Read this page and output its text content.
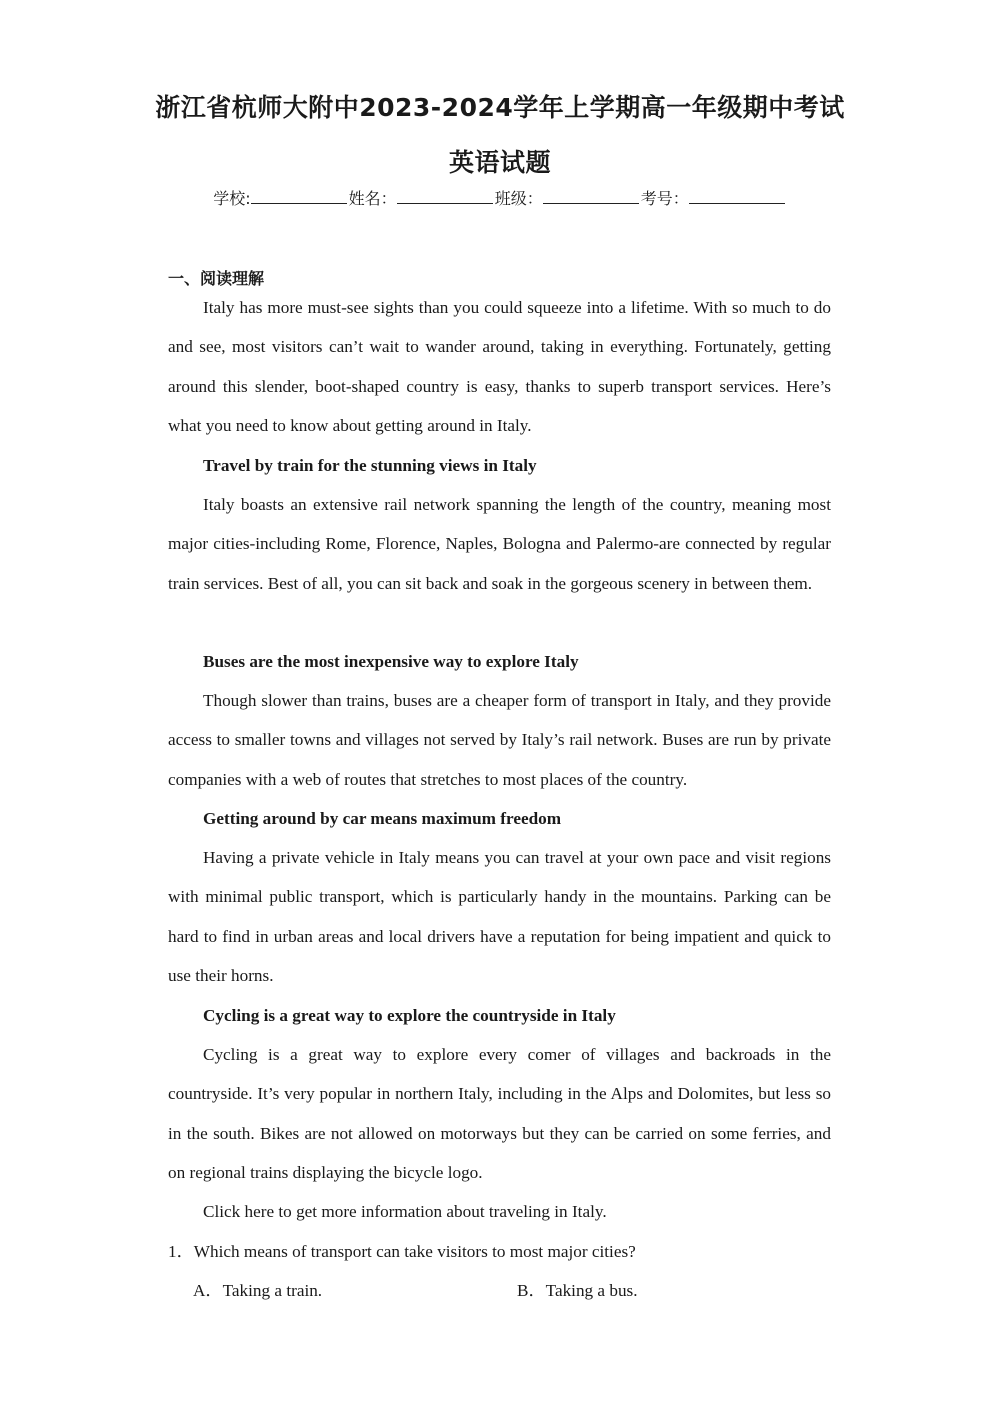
浙江省杭师大附中2023-2024学年上学期高一年级期中考试
英语试题
学校:	姓名：	班级：	考号：
一、阅读理解

Italy has more must-see sights than you could squeeze into a lifetime. With so much to do and see, most visitors can’t wait to wander around, taking in everything. Fortunately, getting around this slender, boot-shaped country is easy, thanks to superb transport services. Here’s what you need to know about getting around in Italy.

Travel by train for the stunning views in Italy

Italy boasts an extensive rail network spanning the length of the country, meaning most major cities-including Rome, Florence, Naples, Bologna and Palermo-are connected by regular train services. Best of all, you can sit back and soak in the gorgeous scenery in between them.

Buses are the most inexpensive way to explore Italy

Though slower than trains, buses are a cheaper form of transport in Italy, and they provide access to smaller towns and villages not served by Italy’s rail network. Buses are run by private companies with a web of routes that stretches to most places of the country.

Getting around by car means maximum freedom

Having a private vehicle in Italy means you can travel at your own pace and visit regions with minimal public transport, which is particularly handy in the mountains. Parking can be hard to find in urban areas and local drivers have a reputation for being impatient and quick to use their horns.

Cycling is a great way to explore the countryside in Italy

Cycling is a great way to explore every comer of villages and backroads in the countryside. It’s very popular in northern Italy, including in the Alps and Dolomites, but less so in the south. Bikes are not allowed on motorways but they can be carried on some ferries, and on regional trains displaying the bicycle logo.

Click here to get more information about traveling in Italy.

1．Which means of transport can take visitors to most major cities?

A．Taking a train.	B．Taking a bus.
